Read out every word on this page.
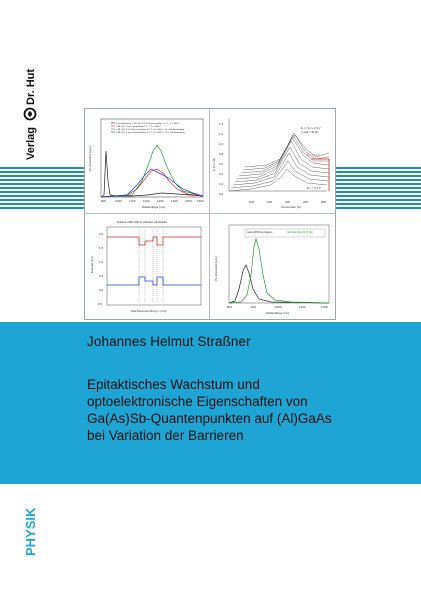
Verlag
Dr. Hut
PL-Intensität [w.E.]
900	1000 1100	1200 1300 1400 1500 1600
Wellenlänge [nm]
Laser-Referenz, 1 ML QD, 3,0 h Flussverhältnis 1:1, T_S = 530°C
2 ML QD, 3 nm Pumpentiefe 1:1, T_S = 530°C
2 ML QD, 3,0 h Flussverhältnis 1:1, T_S = 510°C, 15 s GS-Ausheilung
2 ML QD, 3 nm Flussverhältnis 1:1, T_S = 530°C, 2,5 s GS-Ausheilung
1,4
1,2
1,0
0,8
0,6
0,4
0,2
0,0
100	150	200	250	300
Temperatur [K]
E [V] / ΔE
E_i = E_i + 0,3 V
f_mod = 40 Hz
E_i = 0,2 V
E_i = -0,7 V
GaAs1-xSbx QD in AlxGa1-xAs/GaAs
2,0
1,5
1,0
0,5
0,0
-0,5
Wachstumsrichtung z [nm]
Energie [eV]	PL-Intensität [w.E.]
800	900	1000	1100	1200
Wellenlänge [nm]
GaAs-QD/Pump-Kappen	Al0.1Ga0.9As-QD (5 ML)
Johannes Helmut Straßner
Epitaktisches Wachstum und
optoelektronische Eigenschaften von
Ga(As)Sb-Quantenpunkten auf (Al)GaAs
bei Variation der Barrieren
PHYSIK
